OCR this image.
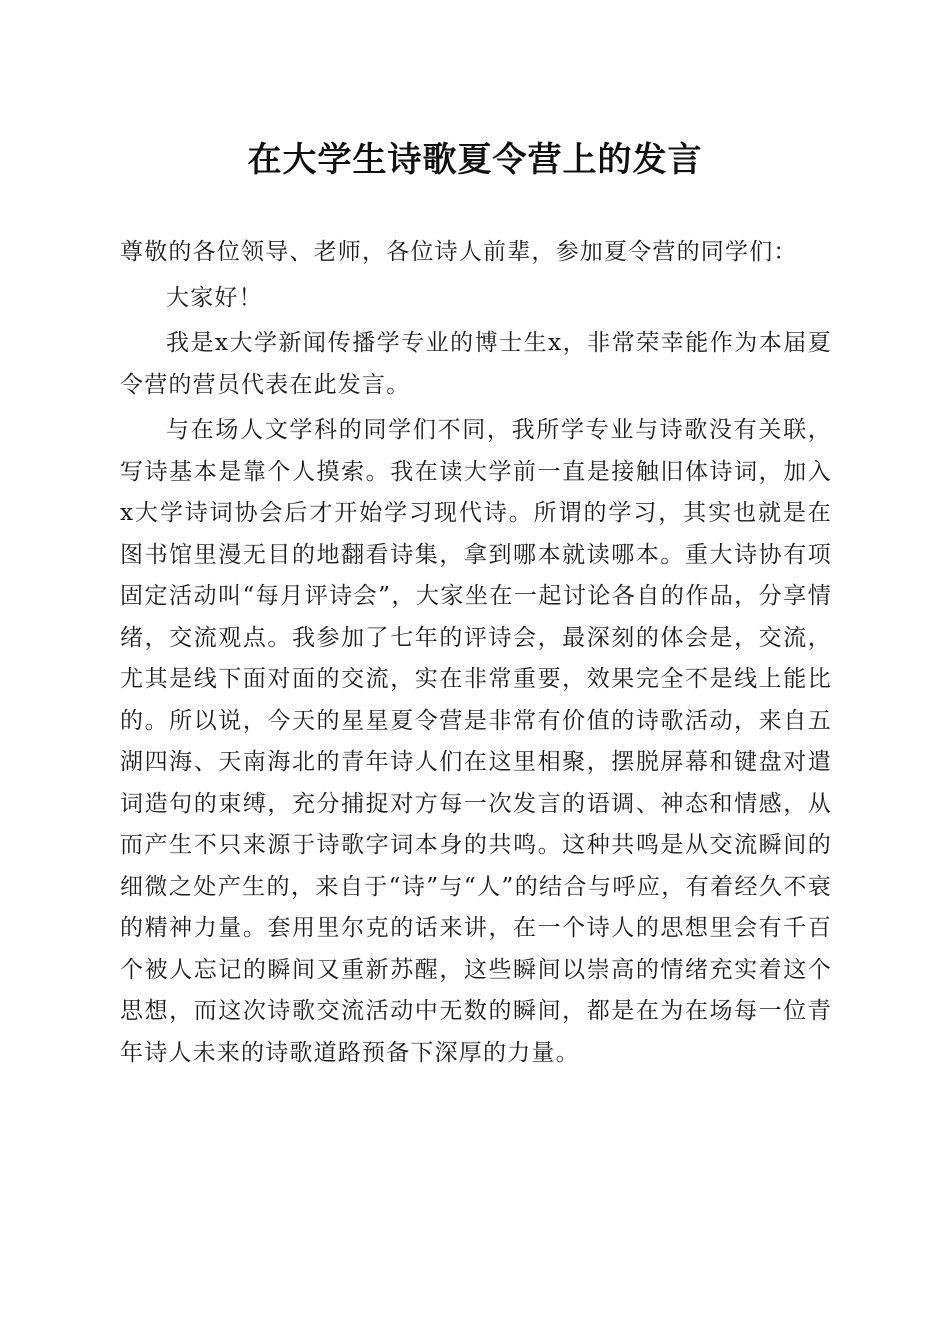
在大学生诗歌夏令营上的发言

尊敬的各位领导、老师，各位诗人前辈，参加夏令营的同学们：

大家好！

我是x大学新闻传播学专业的博士生x，非常荣幸能作为本届夏令营的营员代表在此发言。

与在场人文学科的同学们不同，我所学专业与诗歌没有关联，写诗基本是靠个人摸索。我在读大学前一直是接触旧体诗词，加入x大学诗词协会后才开始学习现代诗。所谓的学习，其实也就是在图书馆里漫无目的地翻看诗集，拿到哪本就读哪本。重大诗协有项固定活动叫“每月评诗会”，大家坐在一起讨论各自的作品，分享情绪，交流观点。我参加了七年的评诗会，最深刻的体会是，交流，尤其是线下面对面的交流，实在非常重要，效果完全不是线上能比的。所以说，今天的星星夏令营是非常有价值的诗歌活动，来自五湖四海、天南海北的青年诗人们在这里相聚，摆脱屏幕和键盘对遣词造句的束缚，充分捕捉对方每一次发言的语调、神态和情感，从而产生不只来源于诗歌字词本身的共鸣。这种共鸣是从交流瞬间的细微之处产生的，来自于“诗”与“人”的结合与呼应，有着经久不衰的精神力量。套用里尔克的话来讲，在一个诗人的思想里会有千百个被人忘记的瞬间又重新苏醒，这些瞬间以崇高的情绪充实着这个思想，而这次诗歌交流活动中无数的瞬间，都是在为在场每一位青年诗人未来的诗歌道路预备下深厚的力量。
